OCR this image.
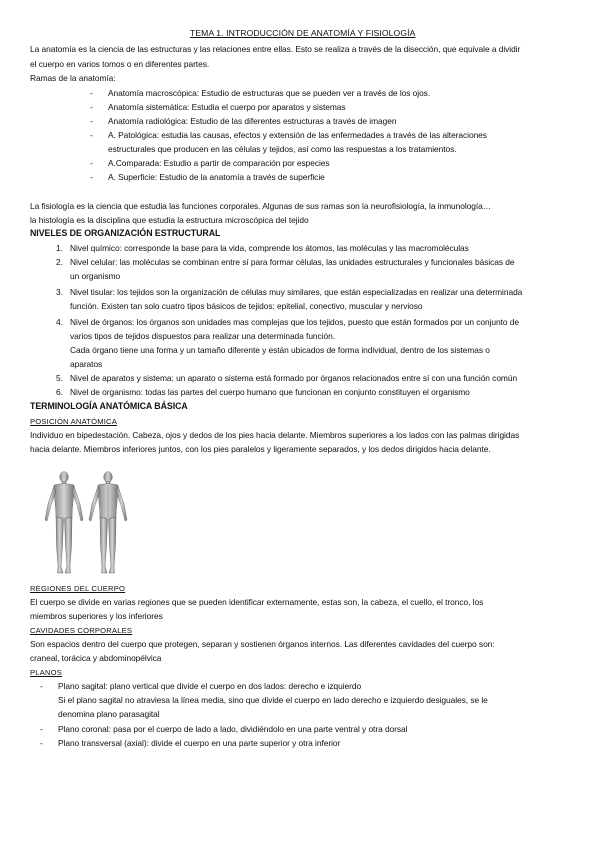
TEMA 1. INTRODUCCIÓN DE ANATOMÍA Y FISIOLOGÍA
La anatomía es la ciencia de las estructuras y las relaciones entre ellas. Esto se realiza a través de la disección, que equivale a dividir
el cuerpo en varios tomos o en diferentes partes.
Ramas de la anatomía:
- Anatomía macroscópica: Estudio de estructuras que se pueden ver a través de los ojos.
- Anatomía sistemática: Estudia el cuerpo por aparatos y sistemas
- Anatomía radiológica: Estudio de las diferentes estructuras a través de imagen
- A. Patológica: estudia las causas, efectos y extensión de las enfermedades a través de las alteraciones
estructurales que producen en las células y tejidos, así como las respuestas a los tratamientos.
- A.Comparada: Estudio a partir de comparación por especies
- A. Superficie: Estudio de la anatomía a través de superficie
La fisiología es la ciencia que estudia las funciones corporales. Algunas de sus ramas son la neurofisiología, la inmunología…
la histología es la disciplina que estudia la estructura microscópica del tejido
NIVELES DE ORGANIZACIÓN ESTRUCTURAL
1. Nivel químico: corresponde la base para la vida, comprende los átomos, las moléculas y las macromoléculas
2. Nivel celular: las moléculas se combinan entre sí para formar células, las unidades estructurales y funcionales básicas de
un organismo
3. Nivel tisular: los tejidos son la organización de células muy similares, que están especializadas en realizar una determinada
función. Existen tan solo cuatro tipos básicos de tejidos: epitelial, conectivo, muscular y nervioso
4. Nivel de órganos: los órganos son unidades mas complejas que los tejidos, puesto que están formados por un conjunto de
varios tipos de tejidos dispuestos para realizar una determinada función.
Cada órgano tiene una forma y un tamaño diferente y están ubicados de forma individual, dentro de los sistemas o
aparatos
5. Nivel de aparatos y sistema: un aparato o sistema está formado por órganos relacionados entre sí con una función común
6. Nivel de organismo: todas las partes del cuerpo humano que funcionan en conjunto constituyen el organismo
TERMINOLOGÍA ANATÓMICA BÁSICA
POSICIÓN ANATÓMICA
Individuo en bipedestación. Cabeza, ojos y dedos de los pies hacia delante. Miembros superiores a los lados con las palmas dirigidas
hacia delante. Miembros inferiores juntos, con los pies paralelos y ligeramente separados, y los dedos dirigidos hacia delante.
REGIONES DEL CUERPO
El cuerpo se divide en varias regiones que se pueden identificar externamente, estas son, la cabeza, el cuello, el tronco, los
miembros superiores y los inferiores
CAVIDADES CORPORALES
Son espacios dentro del cuerpo que protegen, separan y sostienen órganos internos. Las diferentes cavidades del cuerpo son:
craneal, torácica y abdominopélvica
PLANOS
- Plano sagital: plano vertical que divide el cuerpo en dos lados: derecho e izquierdo
Si el plano sagital no atraviesa la línea media, sino que divide el cuerpo en lado derecho e izquierdo desiguales, se le
denomina plano parasagital
- Plano coronal: pasa por el cuerpo de lado a lado, dividiéndolo en una parte ventral y otra dorsal
- Plano transversal (axial): divide el cuerpo en una parte superior y otra inferior
